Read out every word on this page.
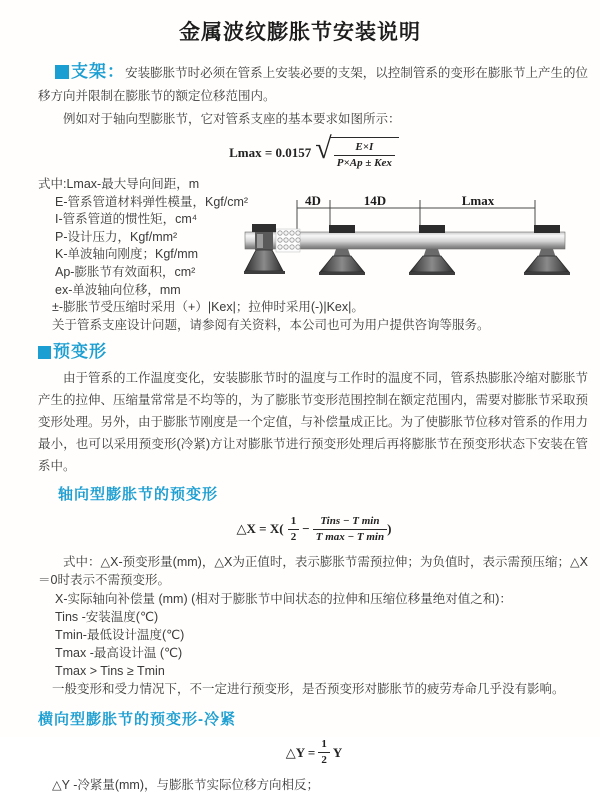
金属波纹膨胀节安装说明

支架：安装膨胀节时必须在管系上安装必要的支架，以控制管系的变形在膨胀节上产生的位移方向并限制在膨胀节的额定位移范围内。

例如对于轴向型膨胀节，它对管系支座的基本要求如图所示：

Lmax = 0.0157 √ $\frac{E\times I}{\text{P×Ap ± Kex}}$
式中:Lmax-最大导向间距，m
E-管系管道材料弹性模量，Kgf/cm²
I-管系管道的惯性矩，cm⁴
P-设计压力，Kgf/mm²
K-单波轴向刚度；Kgf/mm
Ap-膨胀节有效面积，cm²
ex-单波轴向位移，mm
±-膨胀节受压缩时采用（+）|Kex|；拉伸时采用(-)|Kex|。
关于管系支座设计问题，请参阅有关资料，本公司也可为用户提供咨询等服务。
4D	14D	Lmax

预变形

由于管系的工作温度变化，安装膨胀节时的温度与工作时的温度不同，管系热膨胀冷缩对膨胀节产生的拉伸、压缩量常常是不均等的，为了膨胀节变形范围控制在额定范围内，需要对膨胀节采取预变形处理。另外，由于膨胀节刚度是一个定值，与补偿量成正比。为了使膨胀节位移对管系的作用力最小，也可以采用预变形(冷紧)方让对膨胀节进行预变形处理后再将膨胀节在预变形状态下安装在管系中。

轴向型膨胀节的预变形
△X = X(
$\frac{1}{2} - \frac{\text{Tins − T min}}{\text{T max − T min}}$ )

式中：△X-预变形量(mm)，△X为正值时，表示膨胀节需预拉伸；为负值时，表示需预压缩；△X＝0时表示不需预变形。

X-实际轴向补偿量 (mm) (相对于膨胀节中间状态的拉伸和压缩位移量绝对值之和)：
Tins -安装温度(℃)
Tmin-最低设计温度(℃)
Tmax -最高设计温 (℃)
Tmax > Tins ≥ Tmin
一般变形和受力情况下，不一定进行预变形，是否预变形对膨胀节的疲劳寿命几乎没有影响。
横向型膨胀节的预变形-冷紧
△Y = $\frac{1}{2}$ Y
△Y -冷紧量(mm)，与膨胀节实际位移方向相反；
